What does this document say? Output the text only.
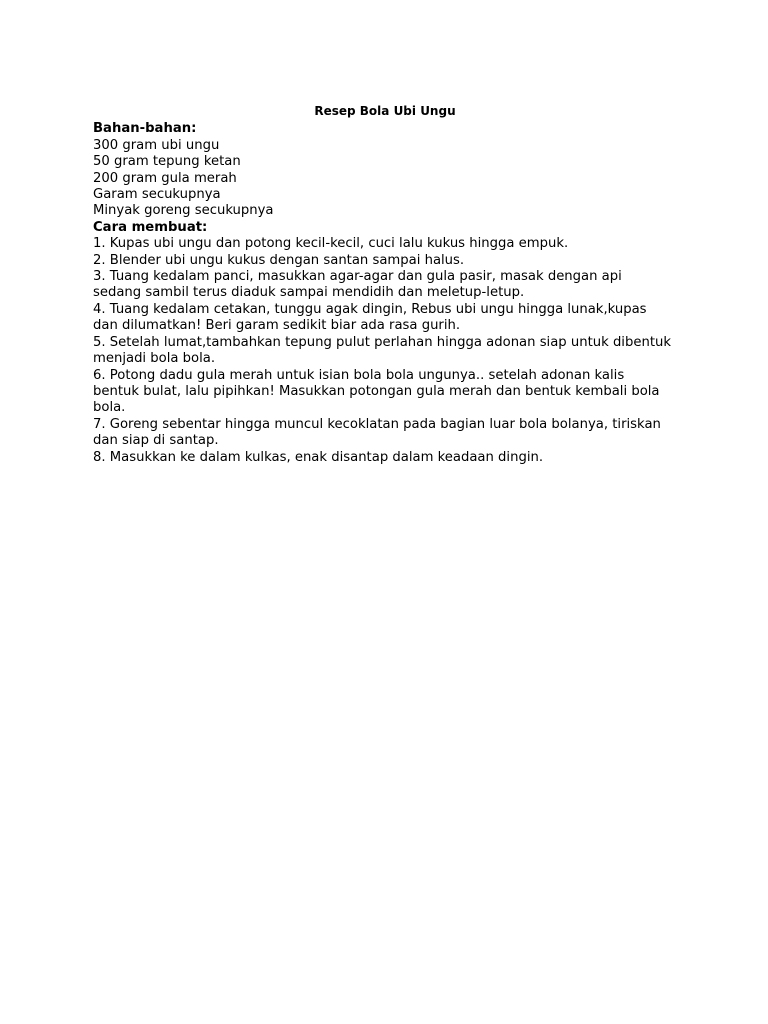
Resep Bola Ubi Ungu

Bahan-bahan:

300 gram ubi ungu
50 gram tepung ketan
200 gram gula merah
Garam secukupnya
Minyak goreng secukupnya

Cara membuat:

1. Kupas ubi ungu dan potong kecil-kecil, cuci lalu kukus hingga empuk.
2. Blender ubi ungu kukus dengan santan sampai halus.
3. Tuang kedalam panci, masukkan agar-agar dan gula pasir, masak dengan api sedang sambil terus diaduk sampai mendidih dan meletup-letup.
4. Tuang kedalam cetakan, tunggu agak dingin, Rebus ubi ungu hingga lunak,kupas dan dilumatkan! Beri garam sedikit biar ada rasa gurih.
5. Setelah lumat,tambahkan tepung pulut perlahan hingga adonan siap untuk dibentuk menjadi bola bola.
6. Potong dadu gula merah untuk isian bola bola ungunya.. setelah adonan kalis bentuk bulat, lalu pipihkan! Masukkan potongan gula merah dan bentuk kembali bola bola.
7. Goreng sebentar hingga muncul kecoklatan pada bagian luar bola bolanya, tiriskan dan siap di santap.
8. Masukkan ke dalam kulkas, enak disantap dalam keadaan dingin.
